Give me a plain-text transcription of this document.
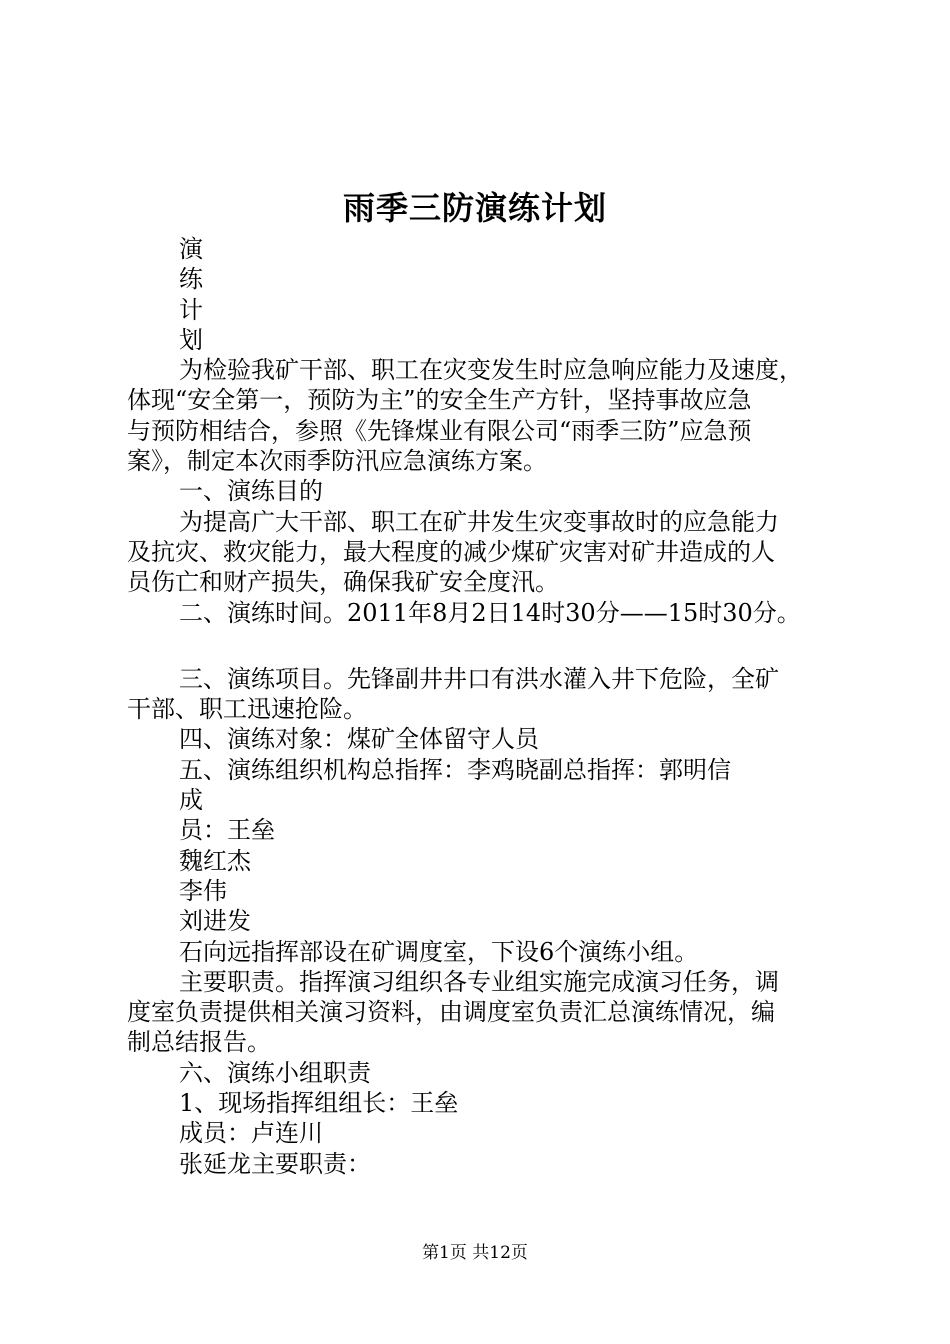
雨季三防演练计划
演
练
计
划
为检验我矿干部、职工在灾变发生时应急响应能力及速度，
体现“安全第一，预防为主”的安全生产方针，坚持事故应急
与预防相结合，参照《先锋煤业有限公司“雨季三防”应急预
案》，制定本次雨季防汛应急演练方案。
一、演练目的
为提高广大干部、职工在矿井发生灾变事故时的应急能力
及抗灾、救灾能力，最大程度的减少煤矿灾害对矿井造成的人
员伤亡和财产损失，确保我矿安全度汛。
二、演练时间。2011年8月2日14时30分——15时30分。
三、演练项目。先锋副井井口有洪水灌入井下危险，全矿
干部、职工迅速抢险。
四、演练对象：煤矿全体留守人员
五、演练组织机构总指挥：李鸡晓副总指挥：郭明信
成
员：王垒
魏红杰
李伟
刘进发
石向远指挥部设在矿调度室，下设6个演练小组。
主要职责。指挥演习组织各专业组实施完成演习任务，调
度室负责提供相关演习资料，由调度室负责汇总演练情况，编
制总结报告。
六、演练小组职责
1、现场指挥组组长：王垒
成员：卢连川
张延龙主要职责：
第1页 共12页
